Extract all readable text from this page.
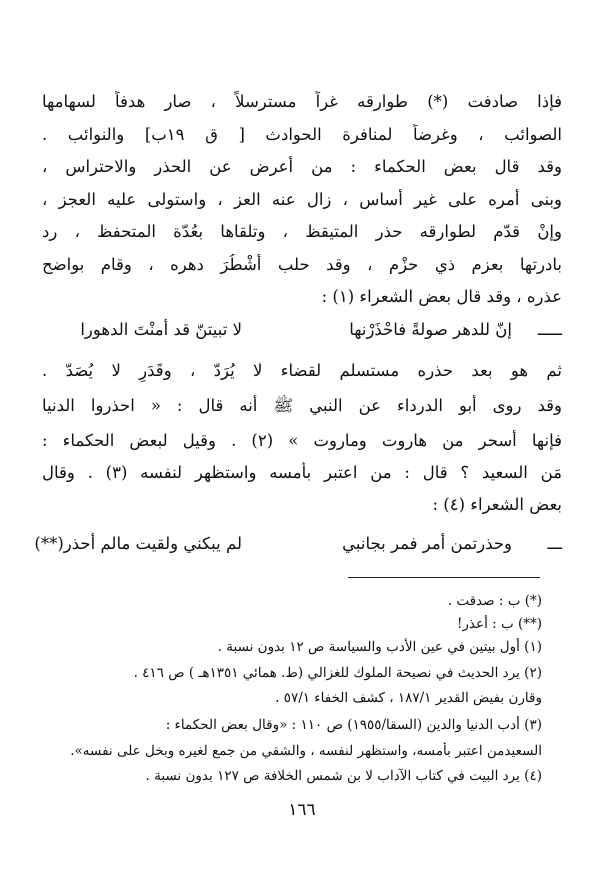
فإذا صادفت (*) طوارقه غراً مسترسلاً ، صار هدفاً لسهامها
الصوائب ، وغرضاً لمنافرة الحوادث [ ق ١٩ب] والنوائب .
وقد قال بعض الحكماء : من أعرض عن الحذر والاحتراس ،
وبنى أمره على غير أساس ، زال عنه العز ، واستولى عليه العجز ،
وإنْ قدّم لطوارقه حذر المتيقظ ، وتلقاها بعُدّة المتحفظ ، رد
بادرتها بعزم ذي حزْم ، وقد حلب أشْطُرَ دهره ، وقام بواضح
عذره ، وقد قال بعض الشعراء (١) :
ـــــ
إنّ للدهر صولةً فاحْذَرْنها
لا تبيتنّ قد أمنْتَ الدهورا
ثم هو بعد حذره مستسلم لقضاء لا يُرَدّ ، وقَدَرٍ لا يُصَدّ .
وقد روى أبو الدرداء عن النبي ﷺ أنه قال : « احذروا الدنيا
فإنها أسحر من هاروت وماروت » (٢) . وقيل لبعض الحكماء :
مَن السعيد ؟ قال : من اعتبر بأمسه واستظهر لنفسه (٣) . وقال
بعض الشعراء (٤) :
ـــ
وحذرتمن أمر فمر بجانبي
لم يبكني ولقيت مالم أحذر(**)
(*) ب : صدقت .
(**) ب : أعذر!
(١) أول بيتين في عين الأدب والسياسة ص ١٢ بدون نسبة .
(٢) يرد الحديث في نصيحة الملوك للغزالي (ط. همائي ١٣٥١هـ ) ص ٤١٦ .
وقارن بفيض القدير ١٨٧/١ ، كشف الخفاء ٥٧/١ .
(٣) أدب الدنيا والدين (السقا/١٩٥٥) ص ١١٠ : «وقال بعض الحكماء :
السعيدمن اعتبر بأمسه، واستظهر لنفسه ، والشقي من جمع لغيره وبخل على نفسه».
(٤) يرد البيت في كتاب الآداب لا بن شمس الخلافة ص ١٢٧ بدون نسبة .
١٦٦
